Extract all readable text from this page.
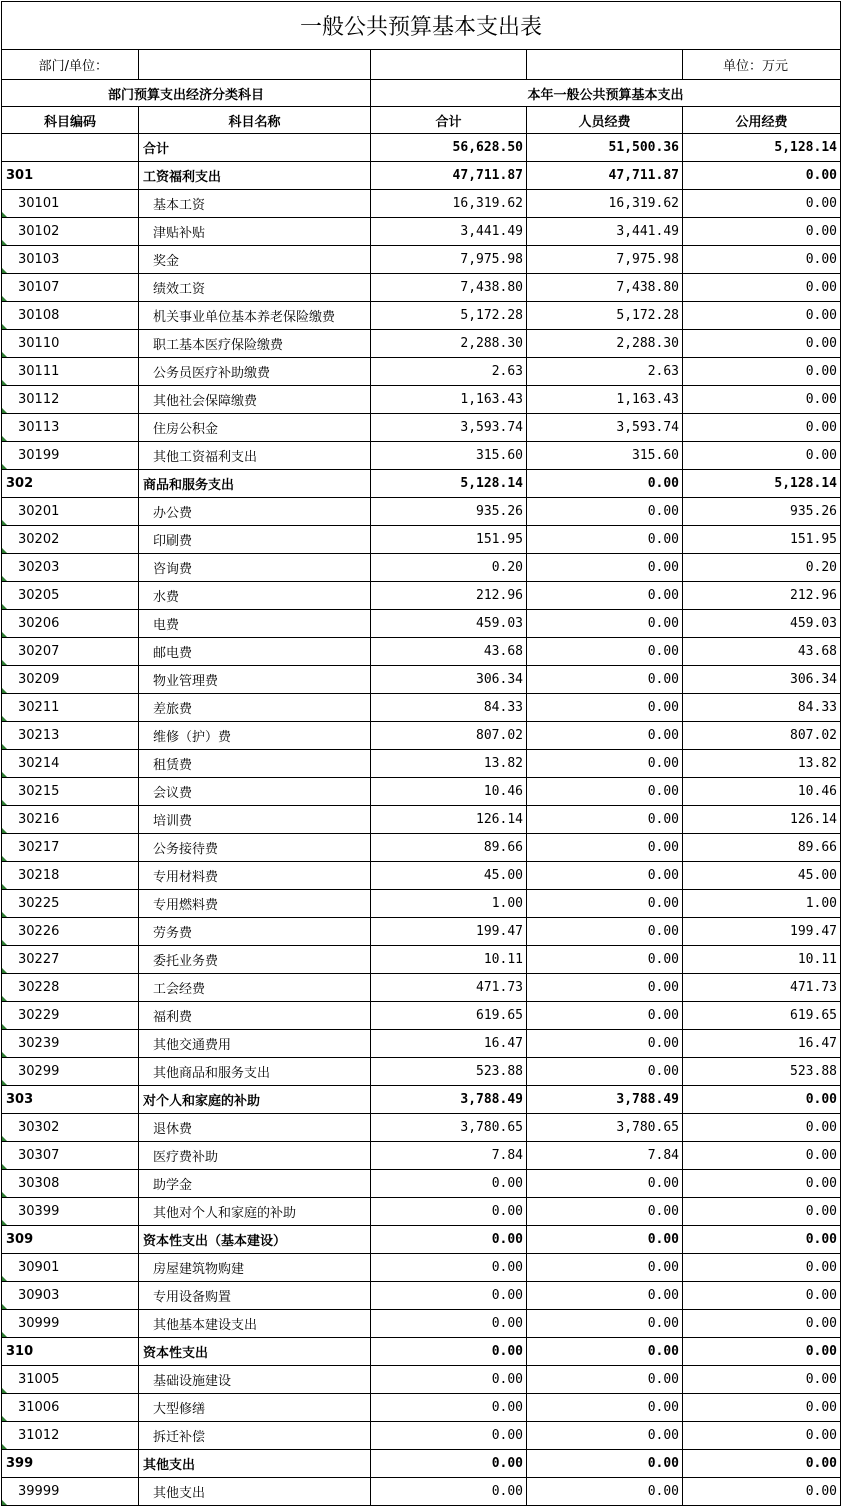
一般公共预算基本支出表				
部门/单位：				单位：万元
部门预算支出经济分类科目		本年一般公共预算基本支出		
科目编码	科目名称	合计	人员经费	公用经费
	合计	56,628.50	51,500.36	5,128.14
301	工资福利支出	47,711.87	47,711.87	0.00
30101	基本工资	16,319.62	16,319.62	0.00
30102	津贴补贴	3,441.49	3,441.49	0.00
30103	奖金	7,975.98	7,975.98	0.00
30107	绩效工资	7,438.80	7,438.80	0.00
30108	机关事业单位基本养老保险缴费	5,172.28	5,172.28	0.00
30110	职工基本医疗保险缴费	2,288.30	2,288.30	0.00
30111	公务员医疗补助缴费	2.63	2.63	0.00
30112	其他社会保障缴费	1,163.43	1,163.43	0.00
30113	住房公积金	3,593.74	3,593.74	0.00
30199	其他工资福利支出	315.60	315.60	0.00
302	商品和服务支出	5,128.14	0.00	5,128.14
30201	办公费	935.26	0.00	935.26
30202	印刷费	151.95	0.00	151.95
30203	咨询费	0.20	0.00	0.20
30205	水费	212.96	0.00	212.96
30206	电费	459.03	0.00	459.03
30207	邮电费	43.68	0.00	43.68
30209	物业管理费	306.34	0.00	306.34
30211	差旅费	84.33	0.00	84.33
30213	维修（护）费	807.02	0.00	807.02
30214	租赁费	13.82	0.00	13.82
30215	会议费	10.46	0.00	10.46
30216	培训费	126.14	0.00	126.14
30217	公务接待费	89.66	0.00	89.66
30218	专用材料费	45.00	0.00	45.00
30225	专用燃料费	1.00	0.00	1.00
30226	劳务费	199.47	0.00	199.47
30227	委托业务费	10.11	0.00	10.11
30228	工会经费	471.73	0.00	471.73
30229	福利费	619.65	0.00	619.65
30239	其他交通费用	16.47	0.00	16.47
30299	其他商品和服务支出	523.88	0.00	523.88
303	对个人和家庭的补助	3,788.49	3,788.49	0.00
30302	退休费	3,780.65	3,780.65	0.00
30307	医疗费补助	7.84	7.84	0.00
30308	助学金	0.00	0.00	0.00
30399	其他对个人和家庭的补助	0.00	0.00	0.00
309	资本性支出（基本建设）	0.00	0.00	0.00
30901	房屋建筑物购建	0.00	0.00	0.00
30903	专用设备购置	0.00	0.00	0.00
30999	其他基本建设支出	0.00	0.00	0.00
310	资本性支出	0.00	0.00	0.00
31005	基础设施建设	0.00	0.00	0.00
31006	大型修缮	0.00	0.00	0.00
31012	拆迁补偿	0.00	0.00	0.00
399	其他支出	0.00	0.00	0.00
39999	其他支出	0.00	0.00	0.00
